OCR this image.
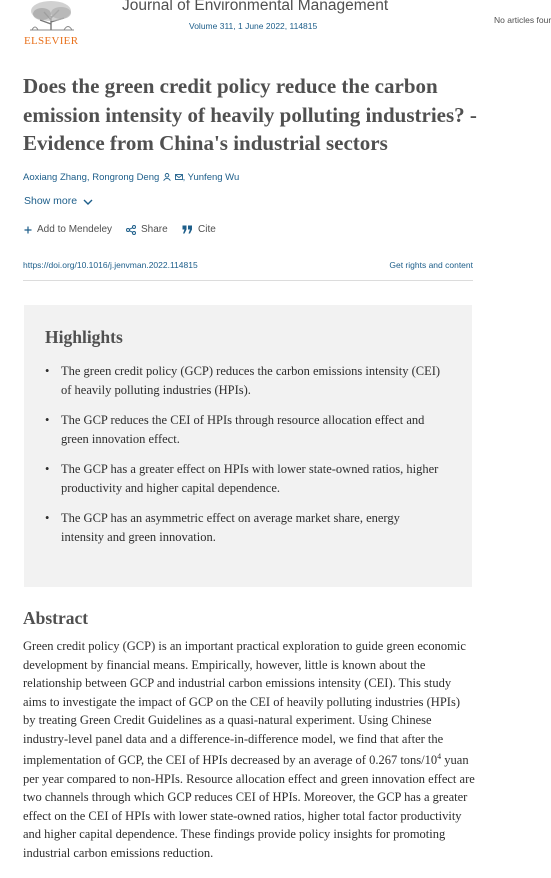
ELSEVIER
Journal of Environmental Management
Volume 311, 1 June 2022, 114815
No articles four
Does the green credit policy reduce the carbon emission intensity of heavily polluting industries? -Evidence from China's industrial sectors
Aoxiang Zhang, Rongrong Deng , Yunfeng Wu
Show more
Add to Mendeley	Share	Cite
https://doi.org/10.1016/j.jenvman.2022.114815	Get rights and content
Highlights
• The green credit policy (GCP) reduces the carbon emissions intensity (CEI) of heavily polluting industries (HPIs).
• The GCP reduces the CEI of HPIs through resource allocation effect and green innovation effect.
• The GCP has a greater effect on HPIs with lower state-owned ratios, higher productivity and higher capital dependence.
• The GCP has an asymmetric effect on average market share, energy intensity and green innovation.
Abstract

Green credit policy (GCP) is an important practical exploration to guide green economic development by financial means. Empirically, however, little is known about the relationship between GCP and industrial carbon emissions intensity (CEI). This study aims to investigate the impact of GCP on the CEI of heavily polluting industries (HPIs) by treating Green Credit Guidelines as a quasi-natural experiment. Using Chinese industry-level panel data and a difference-in-difference model, we find that after the implementation of GCP, the CEI of HPIs decreased by an average of 0.267 tons/$10^4$ yuan per year compared to non-HPIs. Resource allocation effect and green innovation effect are two channels through which GCP reduces CEI of HPIs. Moreover, the GCP has a greater effect on the CEI of HPIs with lower state-owned ratios, higher total factor productivity and higher capital dependence. These findings provide policy insights for promoting industrial carbon emissions reduction.
